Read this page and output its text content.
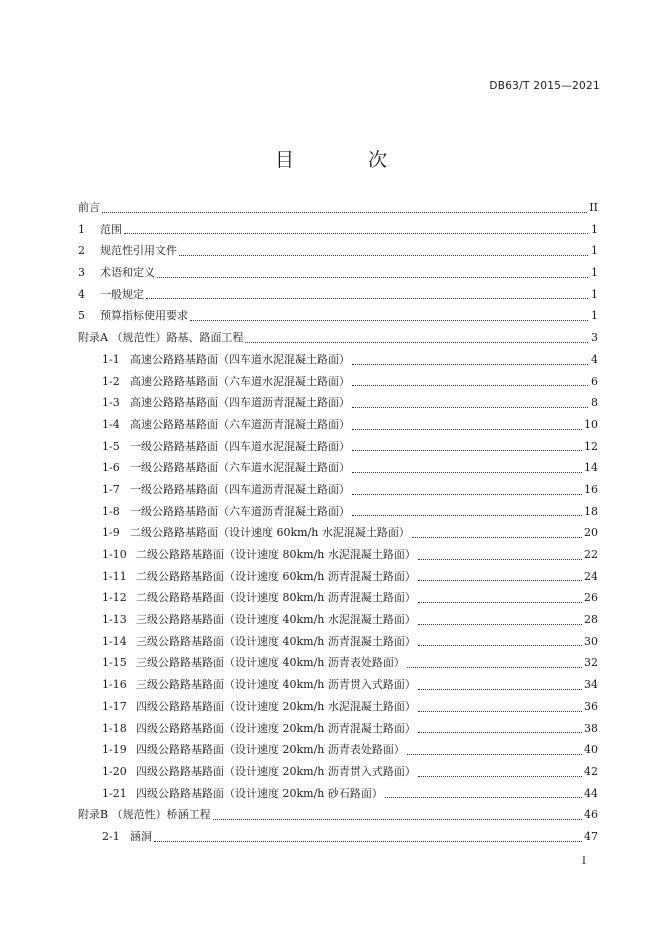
DB63/T 2015—2021
目 次
前言	II
1	范围	1
2	规范性引用文件	1
3	术语和定义	1
4	一般规定	1
5	预算指标使用要求	1
附录A （规范性）路基、路面工程	3
1-1 高速公路路基路面（四车道水泥混凝土路面）	4
1-2 高速公路路基路面（六车道水泥混凝土路面）	6
1-3 高速公路路基路面（四车道沥青混凝土路面）	8
1-4 高速公路路基路面（六车道沥青混凝土路面）	10
1-5 一级公路路基路面（四车道水泥混凝土路面）	12
1-6 一级公路路基路面（六车道水泥混凝土路面）	14
1-7 一级公路路基路面（四车道沥青混凝土路面）	16
1-8 一级公路路基路面（六车道沥青混凝土路面）	18
1-9 二级公路路基路面（设计速度 60km/h 水泥混凝土路面）	20
1-10 二级公路路基路面（设计速度 80km/h 水泥混凝土路面）	22
1-11 二级公路路基路面（设计速度 60km/h 沥青混凝土路面）	24
1-12 二级公路路基路面（设计速度 80km/h 沥青混凝土路面）	26
1-13 三级公路路基路面（设计速度 40km/h 水泥混凝土路面）	28
1-14 三级公路路基路面（设计速度 40km/h 沥青混凝土路面）	30
1-15 三级公路路基路面（设计速度 40km/h 沥青表处路面）	32
1-16 三级公路路基路面（设计速度 40km/h 沥青贯入式路面）	34
1-17 四级公路路基路面（设计速度 20km/h 水泥混凝土路面）	36
1-18 四级公路路基路面（设计速度 20km/h 沥青混凝土路面）	38
1-19 四级公路路基路面（设计速度 20km/h 沥青表处路面）	40
1-20 四级公路路基路面（设计速度 20km/h 沥青贯入式路面）	42
1-21 四级公路路基路面（设计速度 20km/h 砂石路面）	44
附录B （规范性）桥涵工程	46
2-1 涵洞	47
I
